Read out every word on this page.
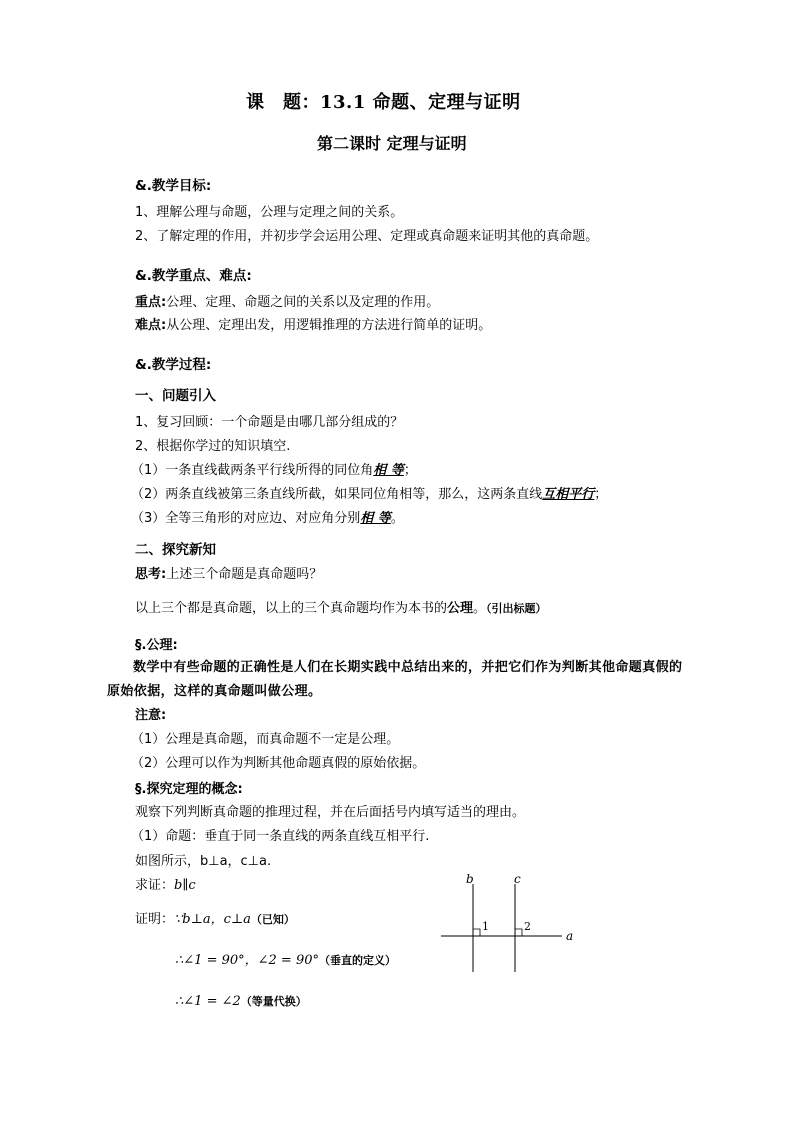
课　题：13.1 命题、定理与证明
第二课时 定理与证明
&.教学目标:
1、理解公理与命题，公理与定理之间的关系。
2、了解定理的作用，并初步学会运用公理、定理或真命题来证明其他的真命题。
&.教学重点、难点:
重点:公理、定理、命题之间的关系以及定理的作用。
难点:从公理、定理出发，用逻辑推理的方法进行简单的证明。
&.教学过程:
一、问题引入
1、复习回顾：一个命题是由哪几部分组成的？
2、根据你学过的知识填空.
（1）一条直线截两条平行线所得的同位角相 等；
（2）两条直线被第三条直线所截，如果同位角相等，那么，这两条直线互相平行；
（3）全等三角形的对应边、对应角分别相 等。
二、探究新知
思考:上述三个命题是真命题吗？
以上三个都是真命题，以上的三个真命题均作为本书的公理。（引出标题）
§.公理:
数学中有些命题的正确性是人们在长期实践中总结出来的，并把它们作为判断其他命题真假的原始依据，这样的真命题叫做公理。
注意:
（1）公理是真命题，而真命题不一定是公理。
（2）公理可以作为判断其他命题真假的原始依据。
§.探究定理的概念:
观察下列判断真命题的推理过程，并在后面括号内填写适当的理由。
（1）命题：垂直于同一条直线的两条直线互相平行.
如图所示，b⊥a，c⊥a.
求证：b∥c
证明：∵b⊥a，c⊥a（已知）
∴∠1 = 90°，∠2 = 90°（垂直的定义）
∴∠1 = ∠2（等量代换）
b	c
a
1	2
